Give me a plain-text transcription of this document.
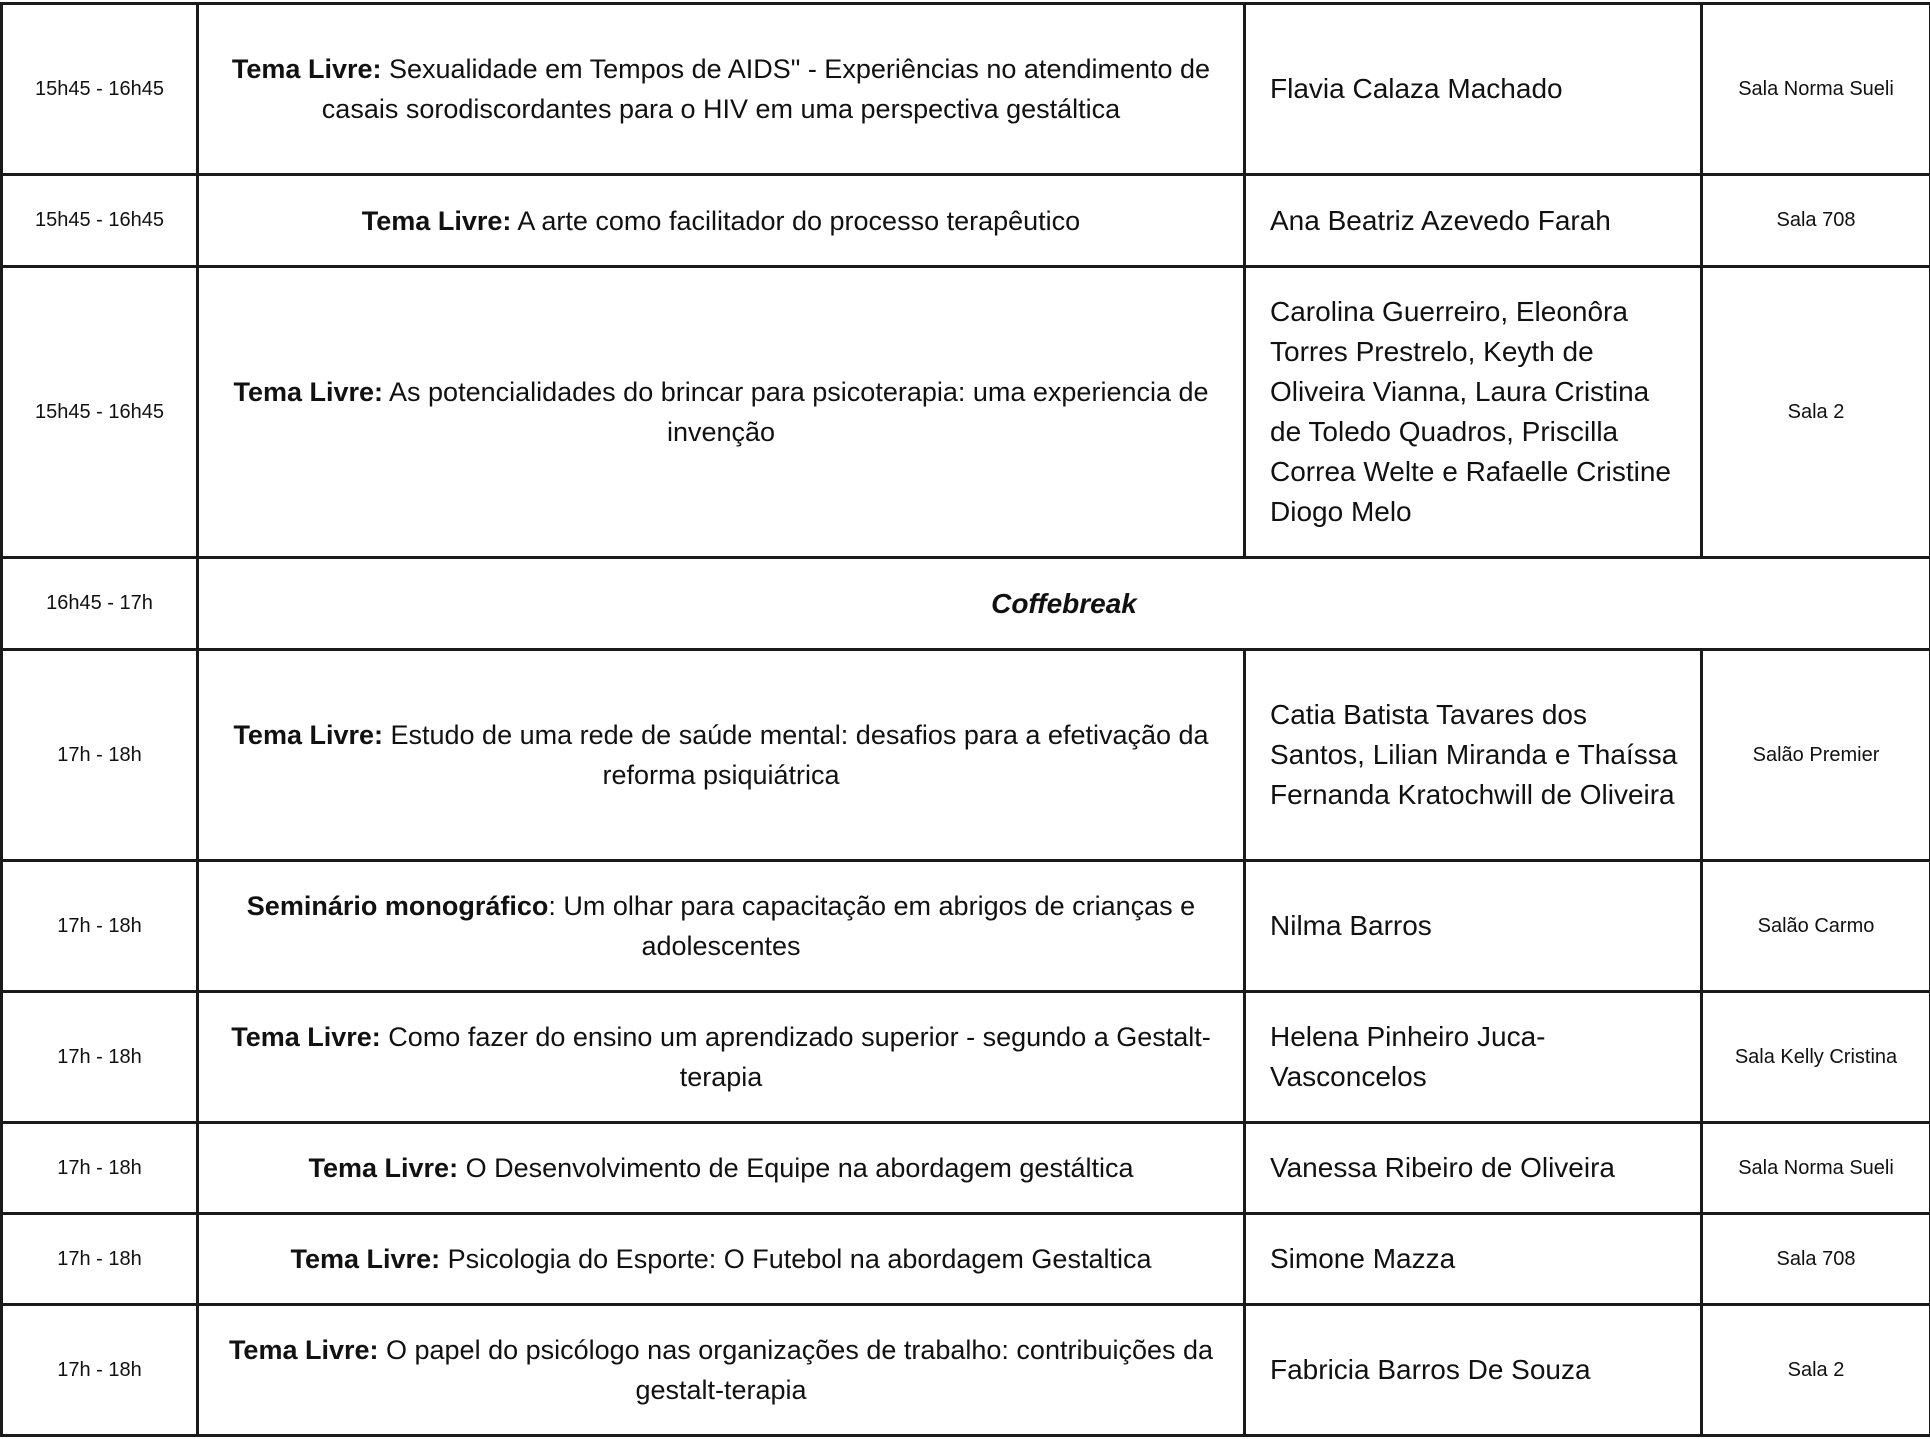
15h45 - 16h45	Tema Livre: Sexualidade em Tempos de AIDS" - Experiências no atendimento de casais sorodiscordantes para o HIV em uma perspectiva gestáltica	Flavia Calaza Machado	Sala Norma Sueli
15h45 - 16h45	Tema Livre: A arte como facilitador do processo terapêutico	Ana Beatriz Azevedo Farah	Sala 708
15h45 - 16h45	Tema Livre: As potencialidades do brincar para psicoterapia: uma experiencia de invenção	Carolina Guerreiro, Eleonôra Torres Prestrelo, Keyth de Oliveira Vianna, Laura Cristina de Toledo Quadros, Priscilla Correa Welte e Rafaelle Cristine Diogo Melo	Sala 2
16h45 - 17h	Coffebreak		
17h - 18h	Tema Livre: Estudo de uma rede de saúde mental: desafios para a efetivação da reforma psiquiátrica	Catia Batista Tavares dos Santos, Lilian Miranda e Thaíssa Fernanda Kratochwill de Oliveira	Salão Premier
17h - 18h	Seminário monográfico: Um olhar para capacitação em abrigos de crianças e adolescentes	Nilma Barros	Salão Carmo
17h - 18h	Tema Livre: Como fazer do ensino um aprendizado superior - segundo a Gestalt-terapia	Helena Pinheiro Juca-Vasconcelos	Sala Kelly Cristina
17h - 18h	Tema Livre: O Desenvolvimento de Equipe na abordagem gestáltica	Vanessa Ribeiro de Oliveira	Sala Norma Sueli
17h - 18h	Tema Livre: Psicologia do Esporte: O Futebol na abordagem Gestaltica	Simone Mazza	Sala 708
17h - 18h	Tema Livre: O papel do psicólogo nas organizações de trabalho: contribuições da gestalt-terapia	Fabricia Barros De Souza	Sala 2
